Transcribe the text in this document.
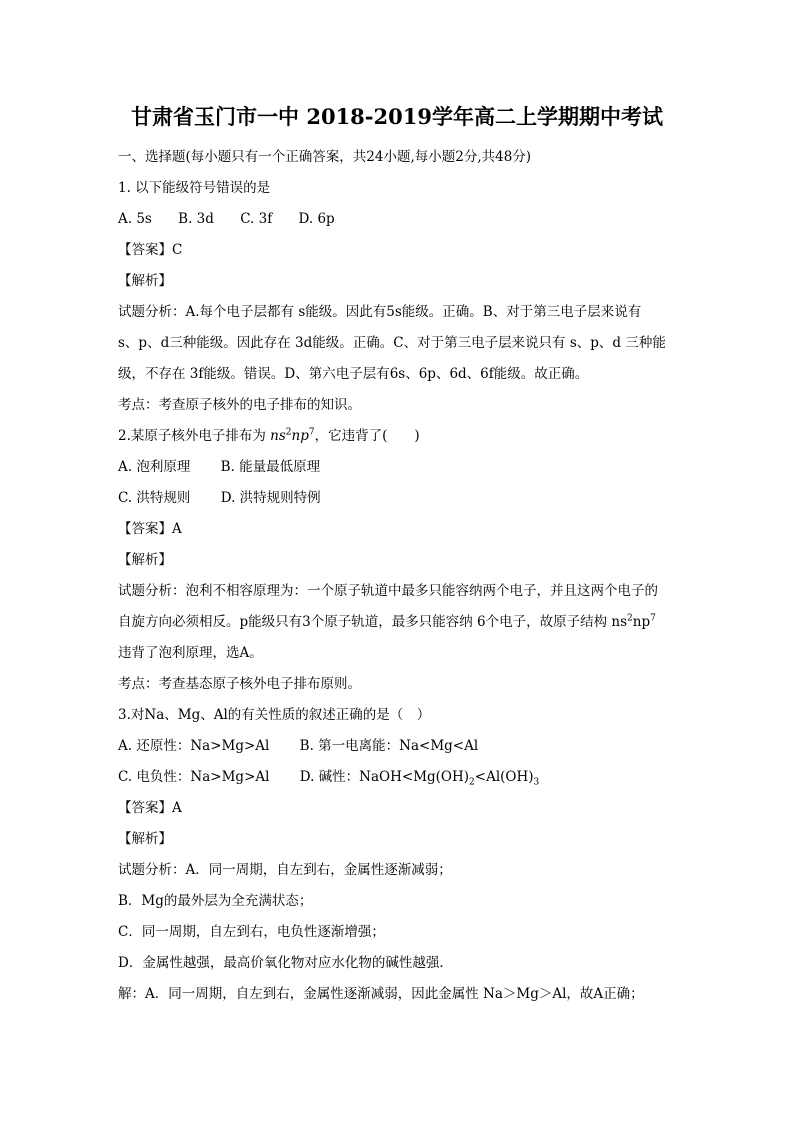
甘肃省玉门市一中 2018-2019学年高二上学期期中考试
一、选择题(每小题只有一个正确答案，共24小题,每小题2分,共48分)
1. 以下能级符号错误的是
A. 5s B. 3d C. 3f D. 6p
【答案】C
【解析】
试题分析：A.每个电子层都有 s能级。因此有5s能级。正确。B、对于第三电子层来说有
s、p、d三种能级。因此存在 3d能级。正确。C、对于第三电子层来说只有 s、p、d 三种能
级，不存在 3f能级。错误。D、第六电子层有6s、6p、6d、6f能级。故正确。
考点：考查原子核外的电子排布的知识。
2.某原子核外电子排布为 $ns^2np^7$，它违背了(　　)
A. 泡利原理 B. 能量最低原理
C. 洪特规则 D. 洪特规则特例
【答案】A
【解析】
试题分析：泡利不相容原理为：一个原子轨道中最多只能容纳两个电子，并且这两个电子的
自旋方向必须相反。p能级只有3个原子轨道，最多只能容纳 6个电子，故原子结构 $ns^2np^7$
违背了泡利原理，选A。
考点：考查基态原子核外电子排布原则。
3.对Na、Mg、Al的有关性质的叙述正确的是（　）
A. 还原性：Na>Mg>Al B. 第一电离能：Na<Mg<Al
C. 电负性：Na>Mg>Al D. 碱性：$NaOH<Mg(OH)_2<Al(OH)_3$
【答案】A
【解析】
试题分析：A．同一周期，自左到右，金属性逐渐减弱；
B．Mg的最外层为全充满状态；
C．同一周期，自左到右，电负性逐渐增强；
D．金属性越强，最高价氧化物对应水化物的碱性越强．
解：A．同一周期，自左到右，金属性逐渐减弱，因此金属性 Na＞Mg＞Al，故A正确；
